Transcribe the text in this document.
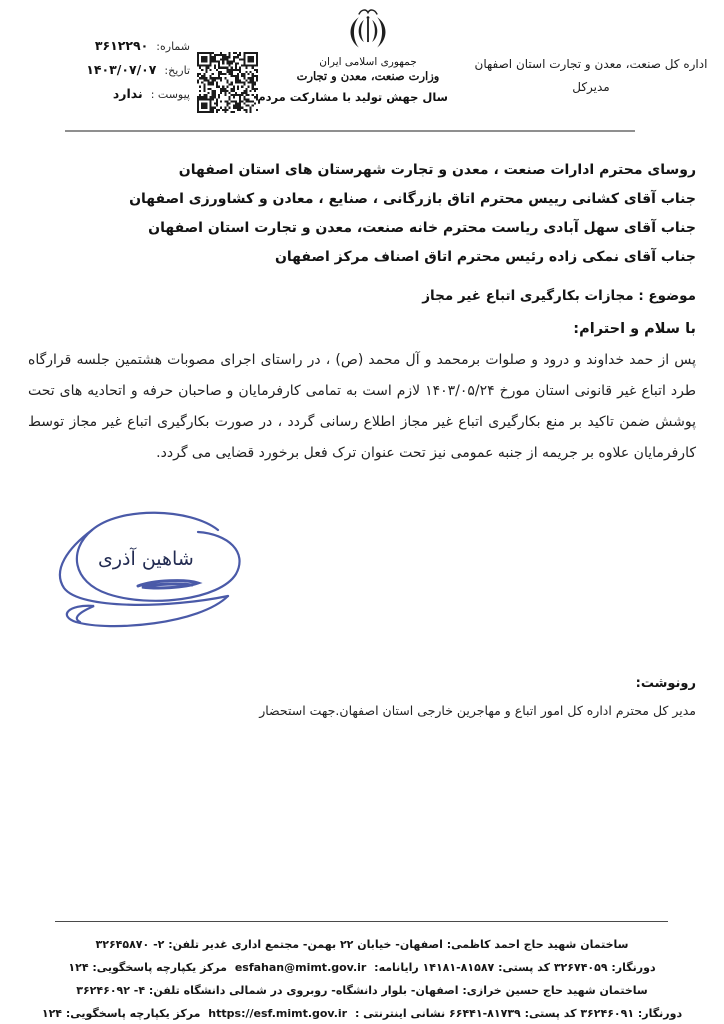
شماره:
۳۶۱۲۲۹۰
تاریخ:
۱۴۰۳/۰۷/۰۷
پیوست :
ندارد
جمهوری اسلامی ایران
وزارت صنعت، معدن و تجارت
سال جهش تولید با مشارکت مردم
اداره کل صنعت، معدن و تجارت استان اصفهان
مدیرکل
روسای محترم ادارات صنعت ، معدن و تجارت شهرستان های استان اصفهان
جناب آقای کشانی رییس محترم اتاق بازرگانی ، صنایع ، معادن و کشاورزی اصفهان
جناب آقای سهل آبادی ریاست محترم خانه صنعت، معدن و تجارت استان اصفهان
جناب آقای نمکی زاده رئیس محترم اتاق اصناف مرکز اصفهان
موضوع : مجازات بکارگیری اتباع غیر مجاز
با سلام و احترام:
پس از حمد خداوند و درود و صلوات برمحمد و آل محمد (ص) ، در راستای اجرای مصوبات هشتمین جلسه قرارگاه طرد اتباع غیر قانونی استان مورخ ۱۴۰۳/۰۵/۲۴ لازم است به تمامی کارفرمایان و صاحبان حرفه و اتحادیه های تحت پوشش ضمن تاکید بر منع بکارگیری اتباع غیر مجاز اطلاع رسانی گردد ، در صورت بکارگیری اتباع غیر مجاز توسط کارفرمایان علاوه بر جریمه از جنبه عمومی نیز تحت عنوان ترک فعل برخورد قضایی می گردد.
شاهین آذری
رونوشت:
مدیر کل محترم اداره کل امور اتباع و مهاجرین خارجی استان اصفهان.جهت استحضار
ساختمان شهید حاج احمد کاظمی: اصفهان- خیابان ۲۲ بهمن- مجتمع اداری غدیر تلفن: ۲- ۳۲۶۴۵۸۷۰
دورنگار: ۳۲۶۷۴۰۵۹ کد پستی: ۸۱۵۸۷-۱۴۱۸۱ رایانامه: esfahan@mimt.gov.ir مرکز یکپارچه پاسخگویی: ۱۲۴
ساختمان شهید حاج حسین خرازی: اصفهان- بلوار دانشگاه- روبروی در شمالی دانشگاه تلفن: ۴- ۳۶۲۴۶۰۹۲
دورنگار: ۳۶۲۴۶۰۹۱ کد پستی: ۸۱۷۳۹-۶۶۴۴۱ نشانی اینترنتی : https://esf.mimt.gov.ir مرکز یکپارچه پاسخگویی: ۱۲۴
